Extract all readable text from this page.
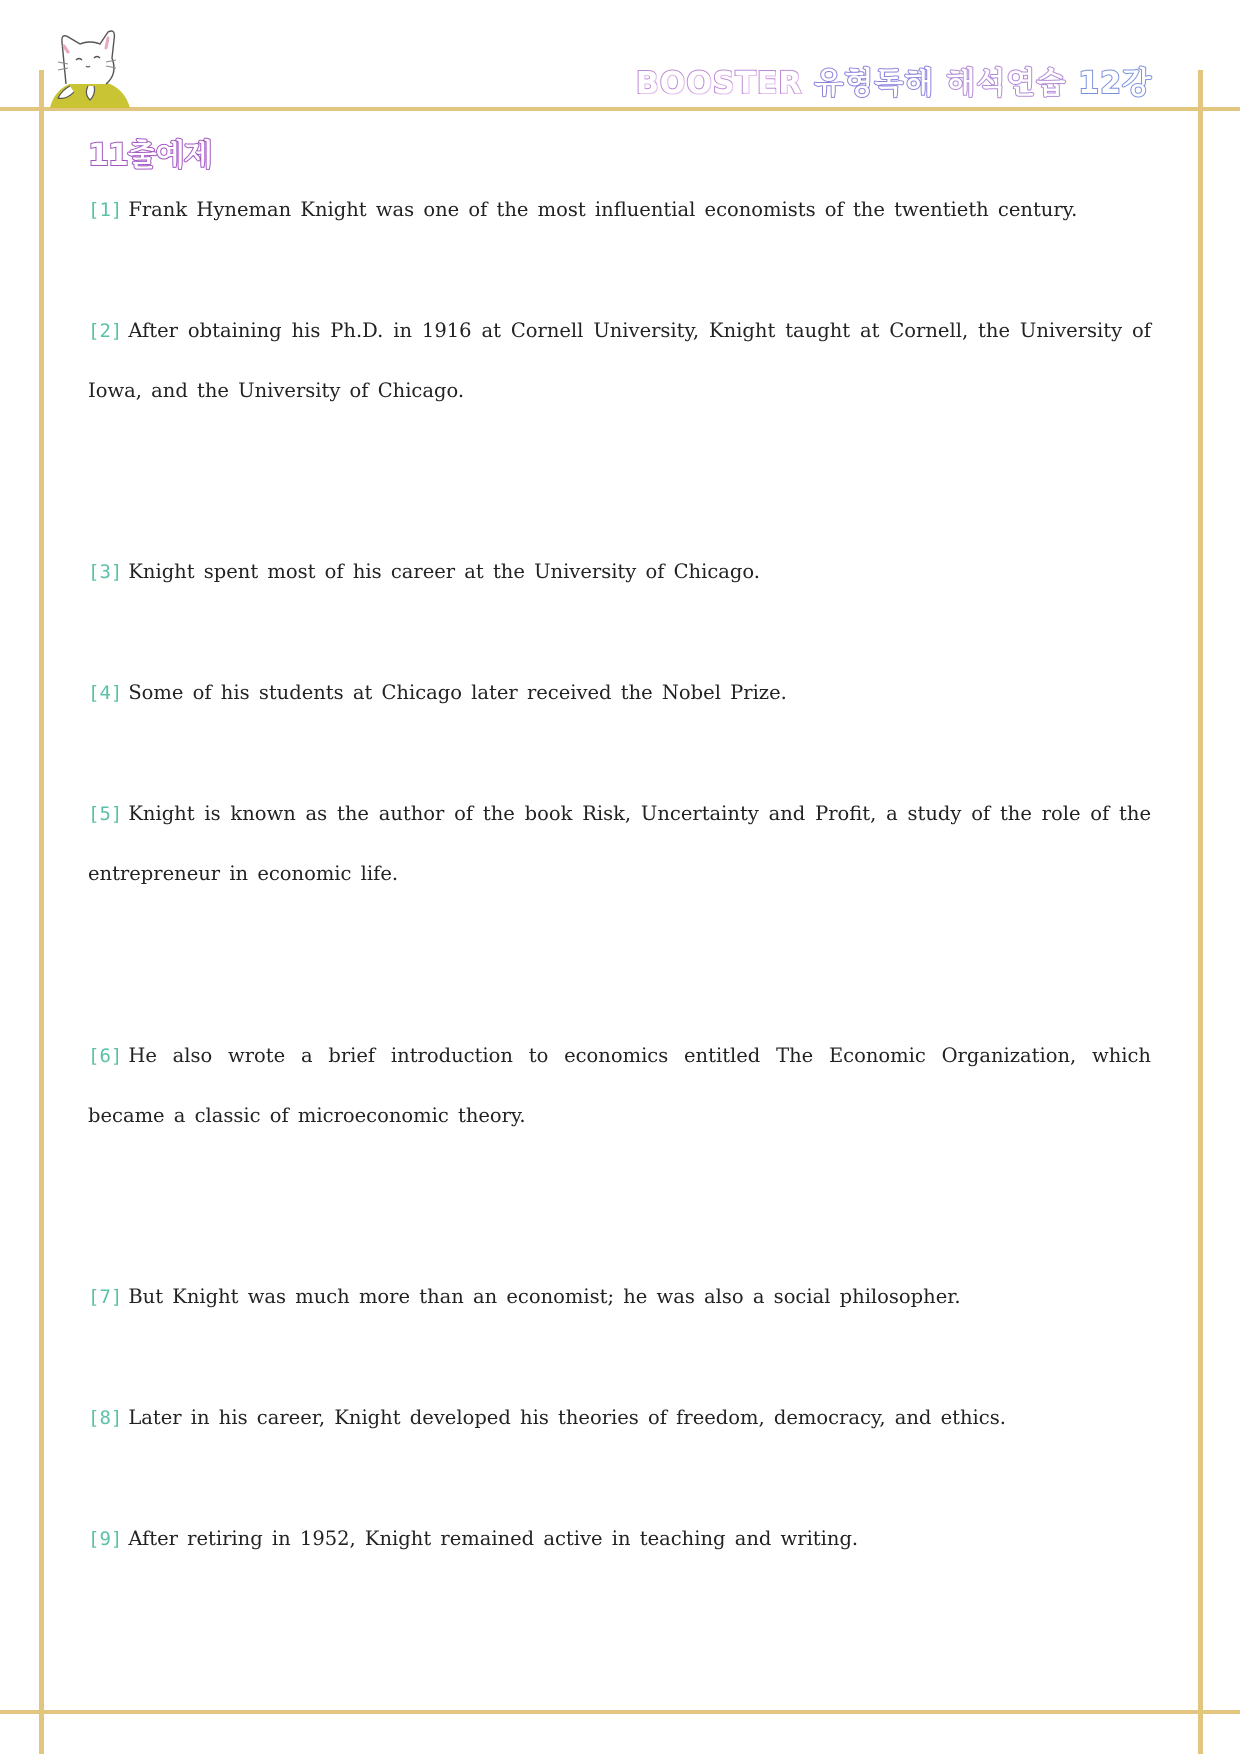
BOOSTER 유형독해 해석연습 12강
11출예제

[1] Frank Hyneman Knight was one of the most influential economists of the twentieth century.

[2] After obtaining his Ph.D. in 1916 at Cornell University, Knight taught at Cornell, the University of Iowa, and the University of Chicago.

[3] Knight spent most of his career at the University of Chicago.

[4] Some of his students at Chicago later received the Nobel Prize.

[5] Knight is known as the author of the book Risk, Uncertainty and Profit, a study of the role of the entrepreneur in economic life.

[6] He also wrote a brief introduction to economics entitled The Economic Organization, which became a classic of microeconomic theory.

[7] But Knight was much more than an economist; he was also a social philosopher.

[8] Later in his career, Knight developed his theories of freedom, democracy, and ethics.

[9] After retiring in 1952, Knight remained active in teaching and writing.
